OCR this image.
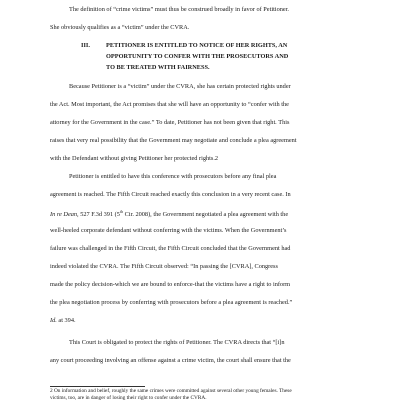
The definition of “crime victims” must thus be construed broadly in favor of Petitioner.
She obviously qualifies as a “victim” under the CVRA.
III.	PETITIONER IS ENTITLED TO NOTICE OF HER RIGHTS, AN
OPPORTUNITY TO CONFER WITH THE PROSECUTORS AND
TO BE TREATED WITH FAIRNESS.
Because Petitioner is a “victim” under the CVRA, she has certain protected rights under
the Act. Most important, the Act promises that she will have an opportunity to “confer with the
attorney for the Government in the case.” To date, Petitioner has not been given that right. This
raises that very real possibility that the Government may negotiate and conclude a plea agreement
with the Defendant without giving Petitioner her protected rights.2
Petitioner is entitled to have this conference with prosecutors before any final plea
agreement is reached. The Fifth Circuit reached exactly this conclusion in a very recent case. In
In re Dean, 527 F.3d 391 (5th Cir. 2008), the Government negotiated a plea agreement with the
well-heeled corporate defendant without conferring with the victims. When the Government’s
failure was challenged in the Fifth Circuit, the Fifth Circuit concluded that the Government had
indeed violated the CVRA. The Fifth Circuit observed: “In passing the [CVRA], Congress
made the policy decision-which we are bound to enforce-that the victims have a right to inform
the plea negotiation process by conferring with prosecutors before a plea agreement is reached.”
Id. at 394.
This Court is obligated to protect the rights of Petitioner. The CVRA directs that “[i]n
any court proceeding involving an offense against a crime victim, the court shall ensure that the
2 On information and belief, roughly the same crimes were committed against several other young females. These
victims, too, are in danger of losing their right to confer under the CVRA.
